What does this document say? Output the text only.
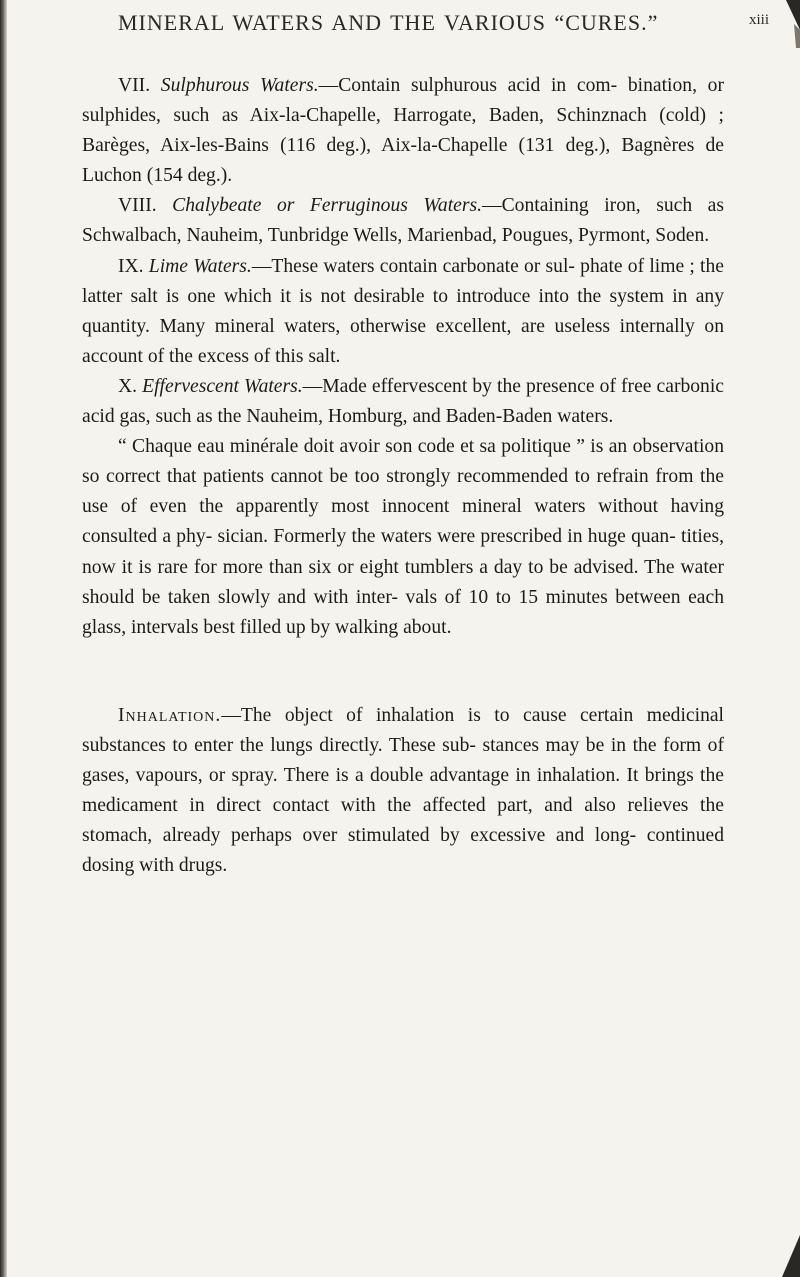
MINERAL WATERS AND THE VARIOUS “CURES.”	xiii

VII. Sulphurous Waters.—Contain sulphurous acid in com- bination, or sulphides, such as Aix-la-Chapelle, Harrogate, Baden, Schinznach (cold) ; Barèges, Aix-les-Bains (116 deg.), Aix-la-Chapelle (131 deg.), Bagnères de Luchon (154 deg.).

VIII. Chalybeate or Ferruginous Waters.—Containing iron, such as Schwalbach, Nauheim, Tunbridge Wells, Marienbad, Pougues, Pyrmont, Soden.

IX. Lime Waters.—These waters contain carbonate or sul- phate of lime ; the latter salt is one which it is not desirable to introduce into the system in any quantity. Many mineral waters, otherwise excellent, are useless internally on account of the excess of this salt.

X. Effervescent Waters.—Made effervescent by the presence of free carbonic acid gas, such as the Nauheim, Homburg, and Baden-Baden waters.

“ Chaque eau minérale doit avoir son code et sa politique ” is an observation so correct that patients cannot be too strongly recommended to refrain from the use of even the apparently most innocent mineral waters without having consulted a phy- sician. Formerly the waters were prescribed in huge quan- tities, now it is rare for more than six or eight tumblers a day to be advised. The water should be taken slowly and with inter- vals of 10 to 15 minutes between each glass, intervals best filled up by walking about.

Inhalation.—The object of inhalation is to cause certain medicinal substances to enter the lungs directly. These sub- stances may be in the form of gases, vapours, or spray. There is a double advantage in inhalation. It brings the medicament in direct contact with the affected part, and also relieves the stomach, already perhaps over stimulated by excessive and long- continued dosing with drugs.
